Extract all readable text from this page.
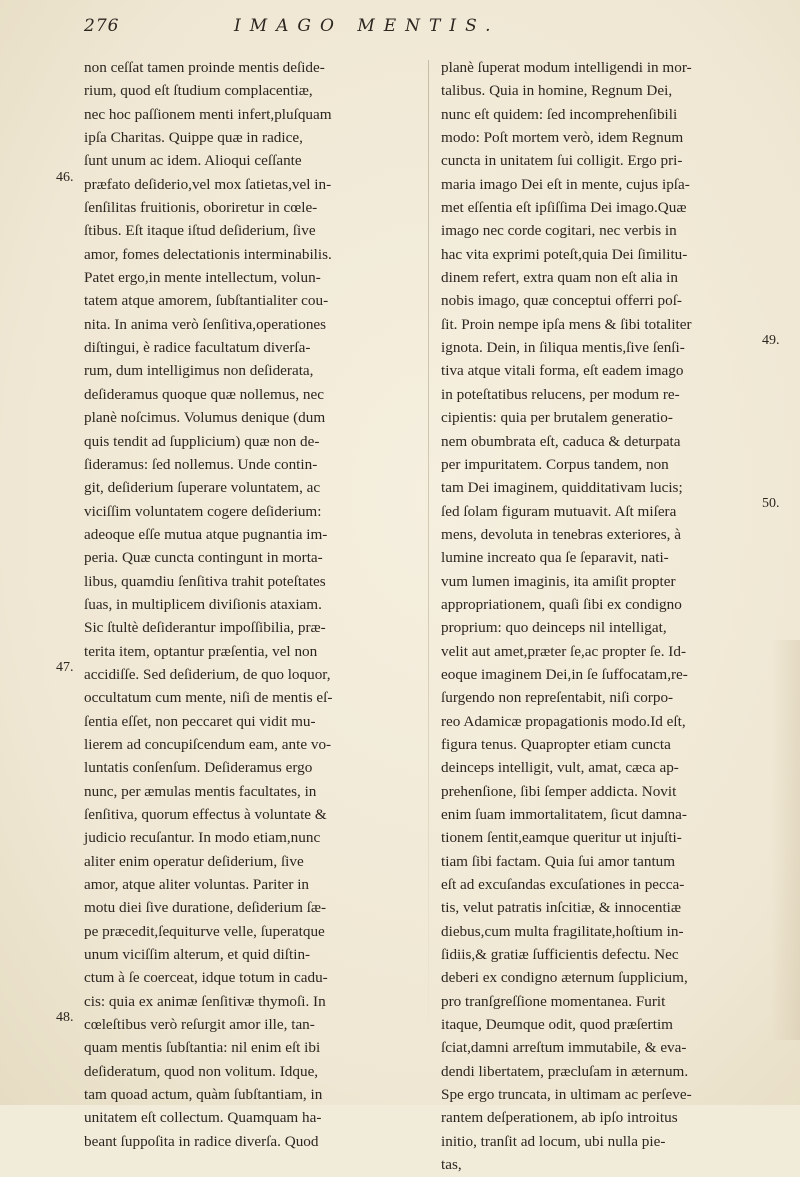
276	IMAGO MENTIS.
46.
47.
48.
49.
50.
non ceſſat tamen proinde mentis deſide-
rium, quod eſt ſtudium complacentiæ,
nec hoc paſſionem menti infert,pluſquam
ipſa Charitas. Quippe quæ in radice,
ſunt unum ac idem. Alioqui ceſſante
præfato deſiderio,vel mox ſatietas,vel in-
ſenſilitas fruitionis, oboriretur in cœle-
ſtibus. Eſt itaque iſtud deſiderium, ſive
amor, fomes delectationis interminabilis.
Patet ergo,in mente intellectum, volun-
tatem atque amorem, ſubſtantialiter cou-
nita. In anima verò ſenſitiva,operationes
diſtingui, è radice facultatum diverſa-
rum, dum intelligimus non deſiderata,
deſideramus quoque quæ nollemus, nec
planè noſcimus. Volumus denique (dum
quis tendit ad ſupplicium) quæ non de-
ſideramus: ſed nollemus. Unde contin-
git, deſiderium ſuperare voluntatem, ac
viciſſim voluntatem cogere deſiderium:
adeoque eſſe mutua atque pugnantia im-
peria. Quæ cuncta contingunt in morta-
libus, quamdiu ſenſitiva trahit poteſtates
ſuas, in multiplicem diviſionis ataxiam.
Sic ſtultè deſiderantur impoſſibilia, præ-
terita item, optantur præſentia, vel non
accidiſſe. Sed deſiderium, de quo loquor,
occultatum cum mente, niſi de mentis eſ-
ſentia eſſet, non peccaret qui vidit mu-
lierem ad concupiſcendum eam, ante vo-
luntatis conſenſum. Deſideramus ergo
nunc, per æmulas mentis facultates, in
ſenſitiva, quorum effectus à voluntate &
judicio recuſantur. In modo etiam,nunc
aliter enim operatur deſiderium, ſive
amor, atque aliter voluntas. Pariter in
motu diei ſive duratione, deſiderium ſæ-
pe præcedit,ſequiturve velle, ſuperatque
unum viciſſim alterum, et quid diſtin-
ctum à ſe coerceat, idque totum in cadu-
cis: quia ex animæ ſenſitivæ thymoſi. In
cœleſtibus verò reſurgit amor ille, tan-
quam mentis ſubſtantia: nil enim eſt ibi
deſideratum, quod non volitum. Idque,
tam quoad actum, quàm ſubſtantiam, in
unitatem eſt collectum. Quamquam ha-
beant ſuppoſita in radice diverſa. Quod
planè ſuperat modum intelligendi in mor-
talibus. Quia in homine, Regnum Dei,
nunc eſt quidem: ſed incomprehenſibili
modo: Poſt mortem verò, idem Regnum
cuncta in unitatem ſui colligit. Ergo pri-
maria imago Dei eſt in mente, cujus ipſa-
met eſſentia eſt ipſiſſima Dei imago.Quæ
imago nec corde cogitari, nec verbis in
hac vita exprimi poteſt,quia Dei ſimilitu-
dinem refert, extra quam non eſt alia in
nobis imago, quæ conceptui offerri poſ-
ſit. Proin nempe ipſa mens & ſibi totaliter
ignota. Dein, in ſiliqua mentis,ſive ſenſi-
tiva atque vitali forma, eſt eadem imago
in poteſtatibus relucens, per modum re-
cipientis: quia per brutalem generatio-
nem obumbrata eſt, caduca & deturpata
per impuritatem. Corpus tandem, non
tam Dei imaginem, quidditativam lucis;
ſed ſolam figuram mutuavit. Aſt miſera
mens, devoluta in tenebras exteriores, à
lumine increato qua ſe ſeparavit, nati-
vum lumen imaginis, ita amiſit propter
appropriationem, quaſi ſibi ex condigno
proprium: quo deinceps nil intelligat,
velit aut amet,præter ſe,ac propter ſe. Id-
eoque imaginem Dei,in ſe ſuffocatam,re-
ſurgendo non repreſentabit, niſi corpo-
reo Adamicæ propagationis modo.Id eſt,
figura tenus. Quapropter etiam cuncta
deinceps intelligit, vult, amat, cæca ap-
prehenſione, ſibi ſemper addicta. Novit
enim ſuam immortalitatem, ſicut damna-
tionem ſentit,eamque queritur ut injuſti-
tiam ſibi factam. Quia ſui amor tantum
eſt ad excuſandas excuſationes in pecca-
tis, velut patratis inſcitiæ, & innocentiæ
diebus,cum multa fragilitate,hoſtium in-
ſidiis,& gratiæ ſufficientis defectu. Nec
deberi ex condigno æternum ſupplicium,
pro tranſgreſſione momentanea. Furit
itaque, Deumque odit, quod præſertim
ſciat,damni arreſtum immutabile, & eva-
dendi libertatem, præcluſam in æternum.
Spe ergo truncata, in ultimam ac perſeve-
rantem deſperationem, ab ipſo introitus
initio, tranſit ad locum, ubi nulla pie-
tas,
